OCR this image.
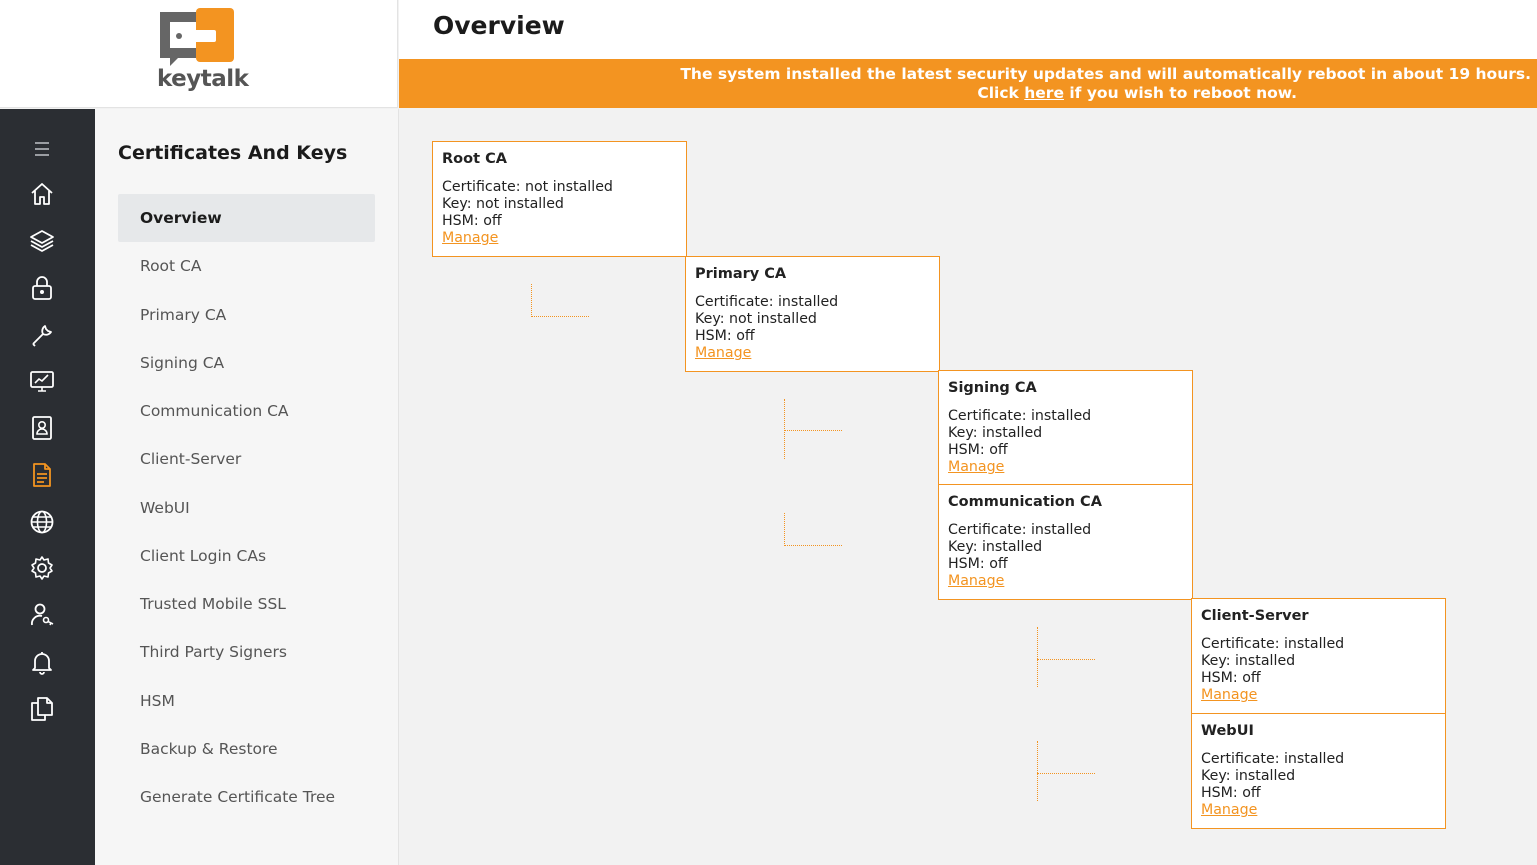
keytalk
Overview
The system installed the latest security updates and will automatically reboot in about 19 hours.
Click here if you wish to reboot now.
Certificates And Keys
Overview
Root CA
Primary CA
Signing CA
Communication CA
Client-Server
WebUI
Client Login CAs
Trusted Mobile SSL
Third Party Signers
HSM
Backup & Restore
Generate Certificate Tree
Root CA
Certificate: not installed
Key: not installed
HSM: off
Manage
Primary CA
Certificate: installed
Key: not installed
HSM: off
Manage
Signing CA
Certificate: installed
Key: installed
HSM: off
Manage
Communication CA
Certificate: installed
Key: installed
HSM: off
Manage
Client-Server
Certificate: installed
Key: installed
HSM: off
Manage
WebUI
Certificate: installed
Key: installed
HSM: off
Manage
